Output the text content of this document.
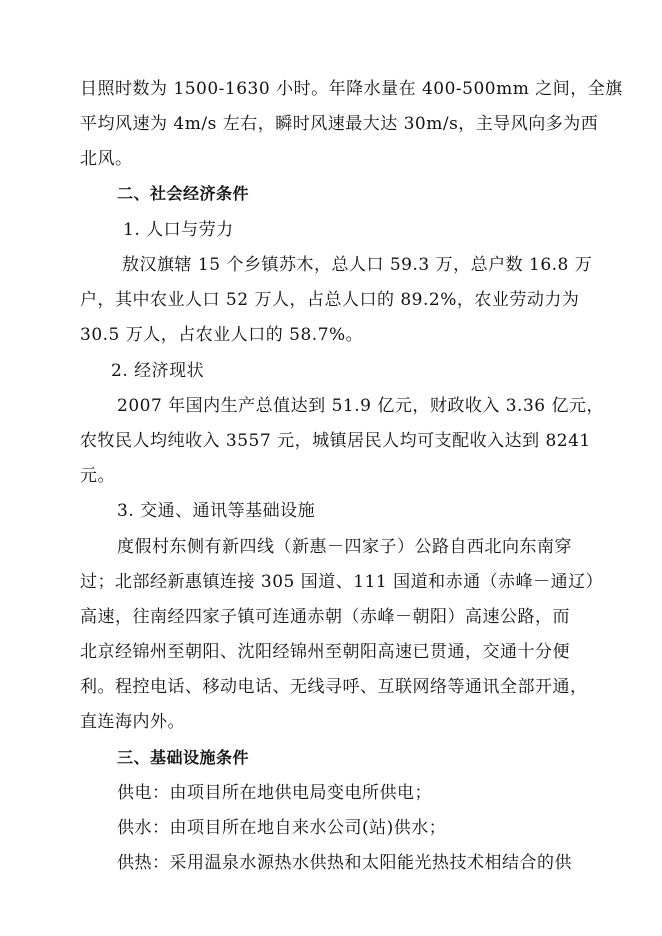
日照时数为 1500-1630 小时。年降水量在 400-500mm 之间，全旗
平均风速为 4m/s 左右，瞬时风速最大达 30m/s，主导风向多为西
北风。
二、社会经济条件
1. 人口与劳力
敖汉旗辖 15 个乡镇苏木，总人口 59.3 万，总户数 16.8 万
户，其中农业人口 52 万人，占总人口的 89.2%，农业劳动力为
30.5 万人，占农业人口的 58.7%。
2. 经济现状
2007 年国内生产总值达到 51.9 亿元，财政收入 3.36 亿元，
农牧民人均纯收入 3557 元，城镇居民人均可支配收入达到 8241
元。
3. 交通、通讯等基础设施
度假村东侧有新四线（新惠－四家子）公路自西北向东南穿
过；北部经新惠镇连接 305 国道、111 国道和赤通（赤峰－通辽）
高速，往南经四家子镇可连通赤朝（赤峰－朝阳）高速公路，而
北京经锦州至朝阳、沈阳经锦州至朝阳高速已贯通，交通十分便
利。程控电话、移动电话、无线寻呼、互联网络等通讯全部开通，
直连海内外。
三、基础设施条件
供电：由项目所在地供电局变电所供电；
供水：由项目所在地自来水公司(站)供水；
供热：采用温泉水源热水供热和太阳能光热技术相结合的供
